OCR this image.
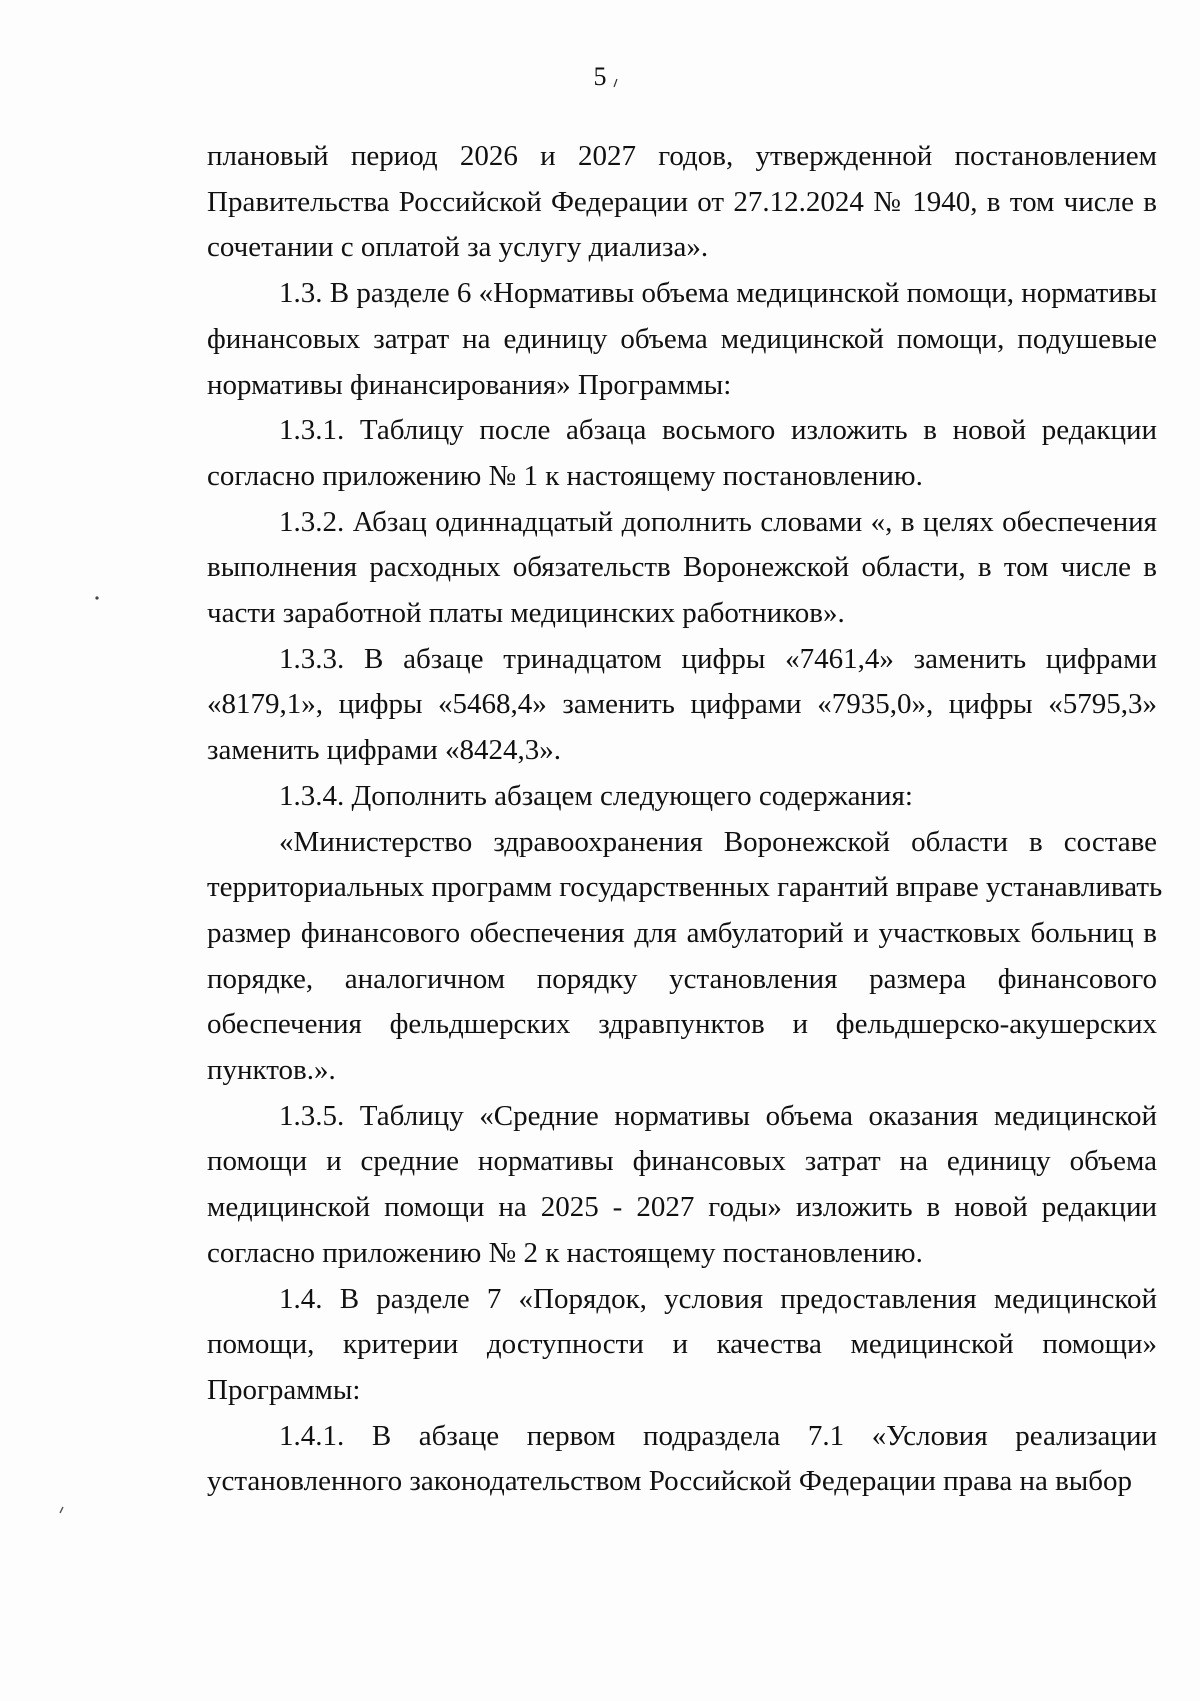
5
плановый период 2026 и 2027 годов, утвержденной постановлением
Правительства Российской Федерации от 27.12.2024 № 1940, в том числе в
сочетании с оплатой за услугу диализа».
1.3. В разделе 6 «Нормативы объема медицинской помощи, нормативы
финансовых затрат на единицу объема медицинской помощи, подушевые
нормативы финансирования» Программы:
1.3.1. Таблицу после абзаца восьмого изложить в новой редакции
согласно приложению № 1 к настоящему постановлению.
1.3.2. Абзац одиннадцатый дополнить словами «, в целях обеспечения
выполнения расходных обязательств Воронежской области, в том числе в
части заработной платы медицинских работников».
1.3.3. В абзаце тринадцатом цифры «7461,4» заменить цифрами
«8179,1», цифры «5468,4» заменить цифрами «7935,0», цифры «5795,3»
заменить цифрами «8424,3».
1.3.4. Дополнить абзацем следующего содержания:
«Министерство здравоохранения Воронежской области в составе
территориальных программ государственных гарантий вправе устанавливать
размер финансового обеспечения для амбулаторий и участковых больниц в
порядке, аналогичном порядку установления размера финансового
обеспечения фельдшерских здравпунктов и фельдшерско-акушерских
пунктов.».
1.3.5. Таблицу «Средние нормативы объема оказания медицинской
помощи и средние нормативы финансовых затрат на единицу объема
медицинской помощи на 2025 - 2027 годы» изложить в новой редакции
согласно приложению № 2 к настоящему постановлению.
1.4. В разделе 7 «Порядок, условия предоставления медицинской
помощи, критерии доступности и качества медицинской помощи»
Программы:
1.4.1. В абзаце первом подраздела 7.1 «Условия реализации
установленного законодательством Российской Федерации права на выбор
